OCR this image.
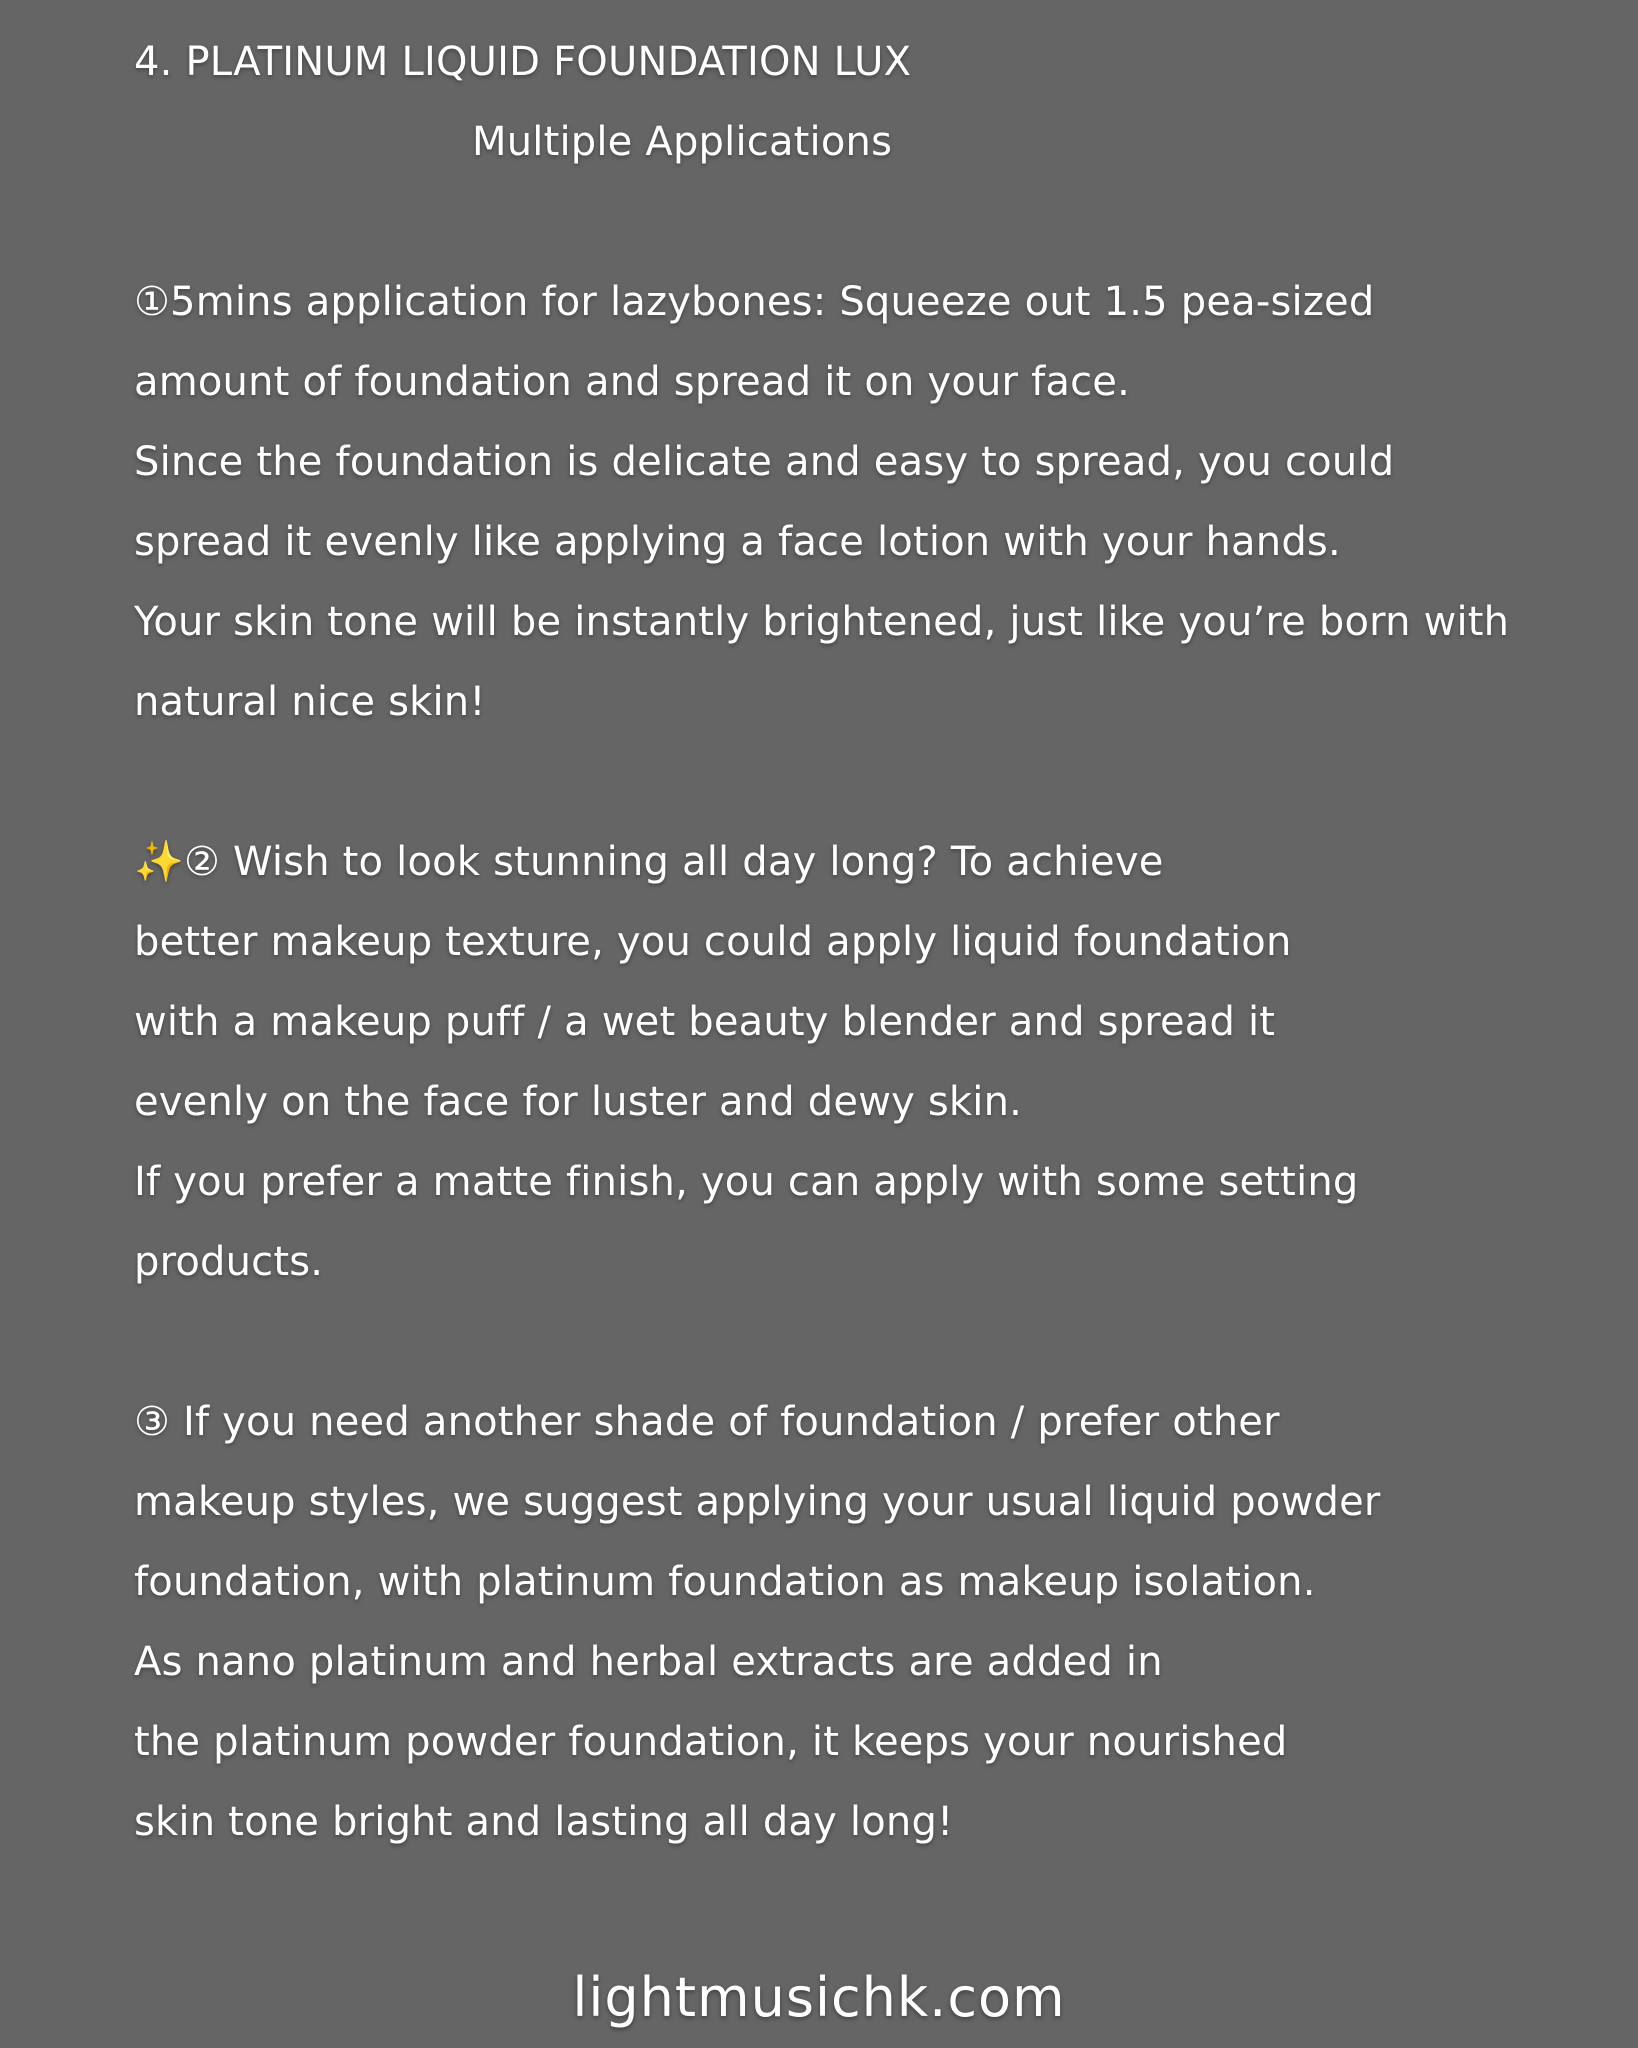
4. PLATINUM LIQUID FOUNDATION LUX
Multiple Applications
①5mins application for lazybones: Squeeze out 1.5 pea-sized
amount of foundation and spread it on your face.
Since the foundation is delicate and easy to spread, you could
spread it evenly like applying a face lotion with your hands.
Your skin tone will be instantly brightened, just like you’re born with
natural nice skin!
✨② Wish to look stunning all day long? To achieve
better makeup texture, you could apply liquid foundation
with a makeup puff / a wet beauty blender and spread it
evenly on the face for luster and dewy skin.
If you prefer a matte finish, you can apply with some setting
products.
③ If you need another shade of foundation / prefer other
makeup styles, we suggest applying your usual liquid powder
foundation, with platinum foundation as makeup isolation.
As nano platinum and herbal extracts are added in
the platinum powder foundation, it keeps your nourished
skin tone bright and lasting all day long!
lightmusichk.com
